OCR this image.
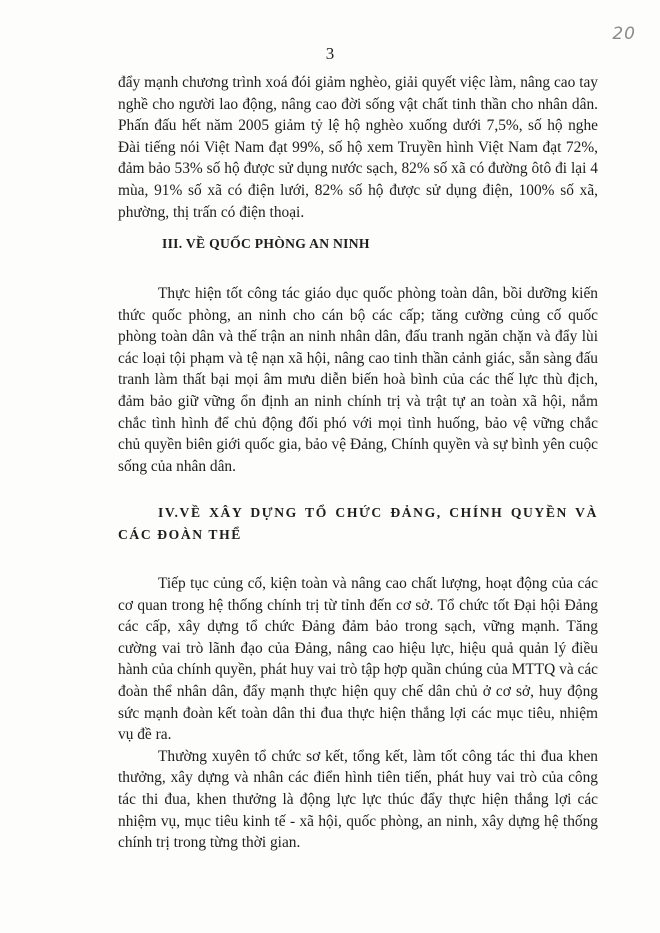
3
20

đẩy mạnh chương trình xoá đói giảm nghèo, giải quyết việc làm, nâng cao tay nghề cho người lao động, nâng cao đời sống vật chất tinh thần cho nhân dân. Phấn đấu hết năm 2005 giảm tỷ lệ hộ nghèo xuống dưới 7,5%, số hộ nghe Đài tiếng nói Việt Nam đạt 99%, số hộ xem Truyền hình Việt Nam đạt 72%, đảm bảo 53% số hộ được sử dụng nước sạch, 82% số xã có đường ôtô đi lại 4 mùa, 91% số xã có điện lưới, 82% số hộ được sử dụng điện, 100% số xã, phường, thị trấn có điện thoại.

III. VỀ QUỐC PHÒNG AN NINH

Thực hiện tốt công tác giáo dục quốc phòng toàn dân, bồi dưỡng kiến thức quốc phòng, an ninh cho cán bộ các cấp; tăng cường củng cố quốc phòng toàn dân và thế trận an ninh nhân dân, đấu tranh ngăn chặn và đẩy lùi các loại tội phạm và tệ nạn xã hội, nâng cao tinh thần cảnh giác, sẵn sàng đấu tranh làm thất bại mọi âm mưu diễn biến hoà bình của các thế lực thù địch, đảm bảo giữ vững ổn định an ninh chính trị và trật tự an toàn xã hội, nắm chắc tình hình để chủ động đối phó với mọi tình huống, bảo vệ vững chắc chủ quyền biên giới quốc gia, bảo vệ Đảng, Chính quyền và sự bình yên cuộc sống của nhân dân.

IV.VỀ XÂY DỰNG TỔ CHỨC ĐẢNG, CHÍNH QUYỀN VÀ CÁC ĐOÀN THỂ

Tiếp tục củng cố, kiện toàn và nâng cao chất lượng, hoạt động của các cơ quan trong hệ thống chính trị từ tỉnh đến cơ sở. Tổ chức tốt Đại hội Đảng các cấp, xây dựng tổ chức Đảng đảm bảo trong sạch, vững mạnh. Tăng cường vai trò lãnh đạo của Đảng, nâng cao hiệu lực, hiệu quả quản lý điều hành của chính quyền, phát huy vai trò tập hợp quần chúng của MTTQ và các đoàn thể nhân dân, đẩy mạnh thực hiện quy chế dân chủ ở cơ sở, huy động sức mạnh đoàn kết toàn dân thi đua thực hiện thắng lợi các mục tiêu, nhiệm vụ đề ra.

Thường xuyên tổ chức sơ kết, tổng kết, làm tốt công tác thi đua khen thưởng, xây dựng và nhân các điển hình tiên tiến, phát huy vai trò của công tác thi đua, khen thưởng là động lực lực thúc đẩy thực hiện thắng lợi các nhiệm vụ, mục tiêu kinh tế - xã hội, quốc phòng, an ninh, xây dựng hệ thống chính trị trong từng thời gian.
